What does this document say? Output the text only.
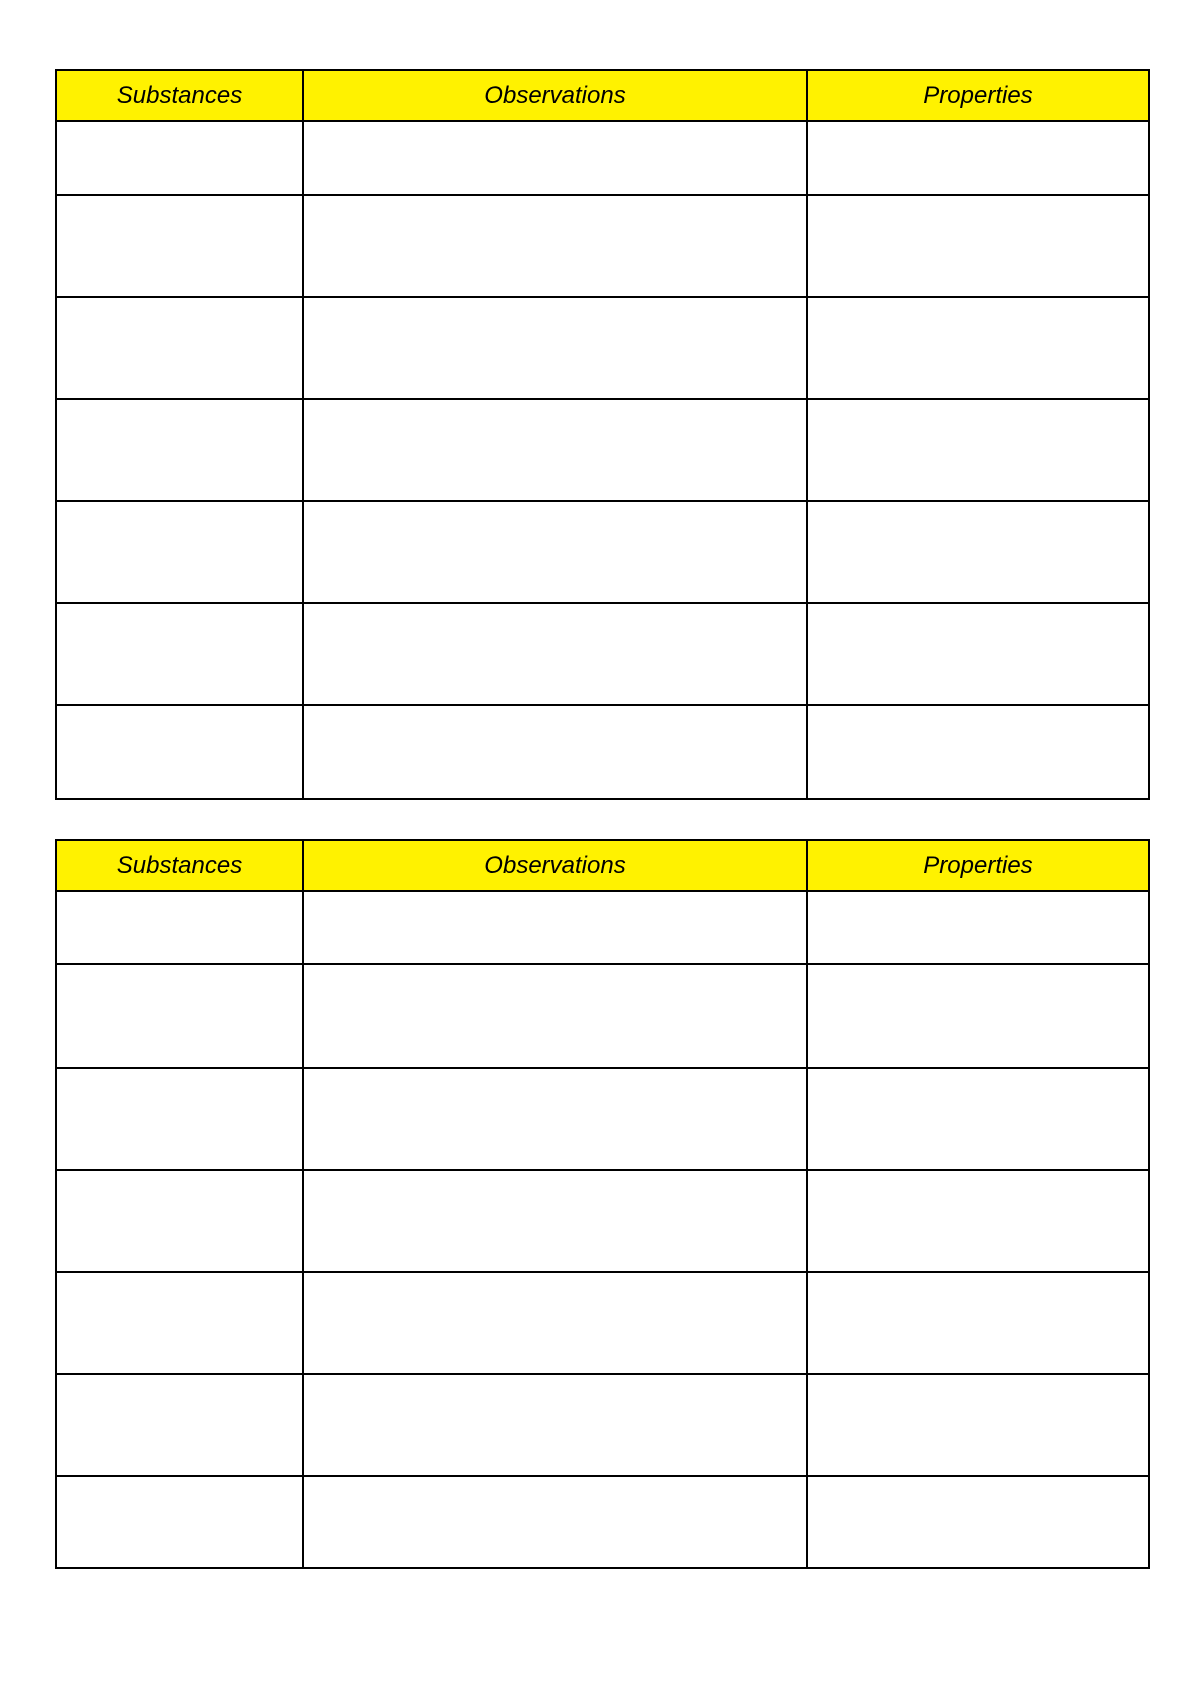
Substances	Observations	Properties

Substances	Observations	Properties
